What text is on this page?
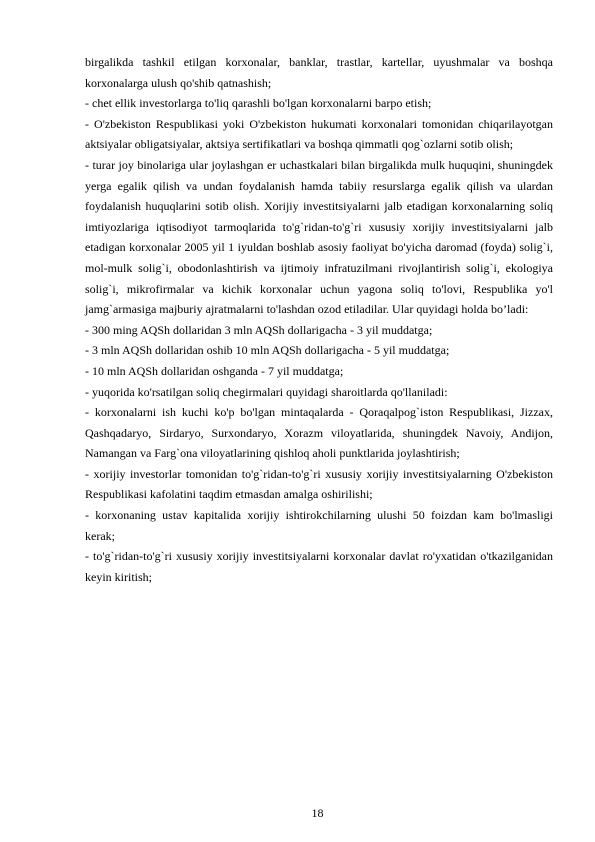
birgalikda tashkil etilgan korxonalar, banklar, trastlar, kartellar, uyushmalar va boshqa korxonalarga ulush qo'shib qatnashish;

- chet ellik investorlarga to'liq qarashli bo'lgan korxonalarni barpo etish;

- O'zbekiston Respublikasi yoki O'zbekiston hukumati korxonalari tomonidan chiqarilayotgan aktsiyalar obligatsiyalar, aktsiya sertifikatlari va boshqa qimmatli qog`ozlarni sotib olish;

- turar joy binolariga ular joylashgan er uchastkalari bilan birgalikda mulk huquqini, shuningdek yerga egalik qilish va undan foydalanish hamda tabiiy resurslarga egalik qilish va ulardan foydalanish huquqlarini sotib olish. Xorijiy investitsiyalarni jalb etadigan korxonalarning soliq imtiyozlariga iqtisodiyot tarmoqlarida to'g`ridan-to'g`ri xususiy xorijiy investitsiyalarni jalb etadigan korxonalar 2005 yil 1 iyuldan boshlab asosiy faoliyat bo'yicha daromad (foyda) solig`i, mol-mulk solig`i, obodonlashtirish va ijtimoiy infratuzilmani rivojlantirish solig`i, ekologiya solig`i, mikrofirmalar va kichik korxonalar uchun yagona soliq to'lovi, Respublika yo'l jamg`armasiga majburiy ajratmalarni to'lashdan ozod etiladilar. Ular quyidagi holda bo’ladi:

- 300 ming AQSh dollaridan 3 mln AQSh dollarigacha - 3 yil muddatga;

- 3 mln AQSh dollaridan oshib 10 mln AQSh dollarigacha - 5 yil muddatga;

- 10 mln AQSh dollaridan oshganda - 7 yil muddatga;

- yuqorida ko'rsatilgan soliq chegirmalari quyidagi sharoitlarda qo'llaniladi:

- korxonalarni ish kuchi ko'p bo'lgan mintaqalarda - Qoraqalpog`iston Respublikasi, Jizzax, Qashqadaryo, Sirdaryo, Surxondaryo, Xorazm viloyatlarida, shuningdek Navoiy, Andijon, Namangan va Farg`ona viloyatlarining qishloq aholi punktlarida joylashtirish;

- xorijiy investorlar tomonidan to'g`ridan-to'g`ri xususiy xorijiy investitsiyalarning O'zbekiston Respublikasi kafolatini taqdim etmasdan amalga oshirilishi;

- korxonaning ustav kapitalida xorijiy ishtirokchilarning ulushi 50 foizdan kam bo'lmasligi kerak;

- to'g`ridan-to'g`ri xususiy xorijiy investitsiyalarni korxonalar davlat ro'yxatidan o'tkazilganidan keyin kiritish;

18
